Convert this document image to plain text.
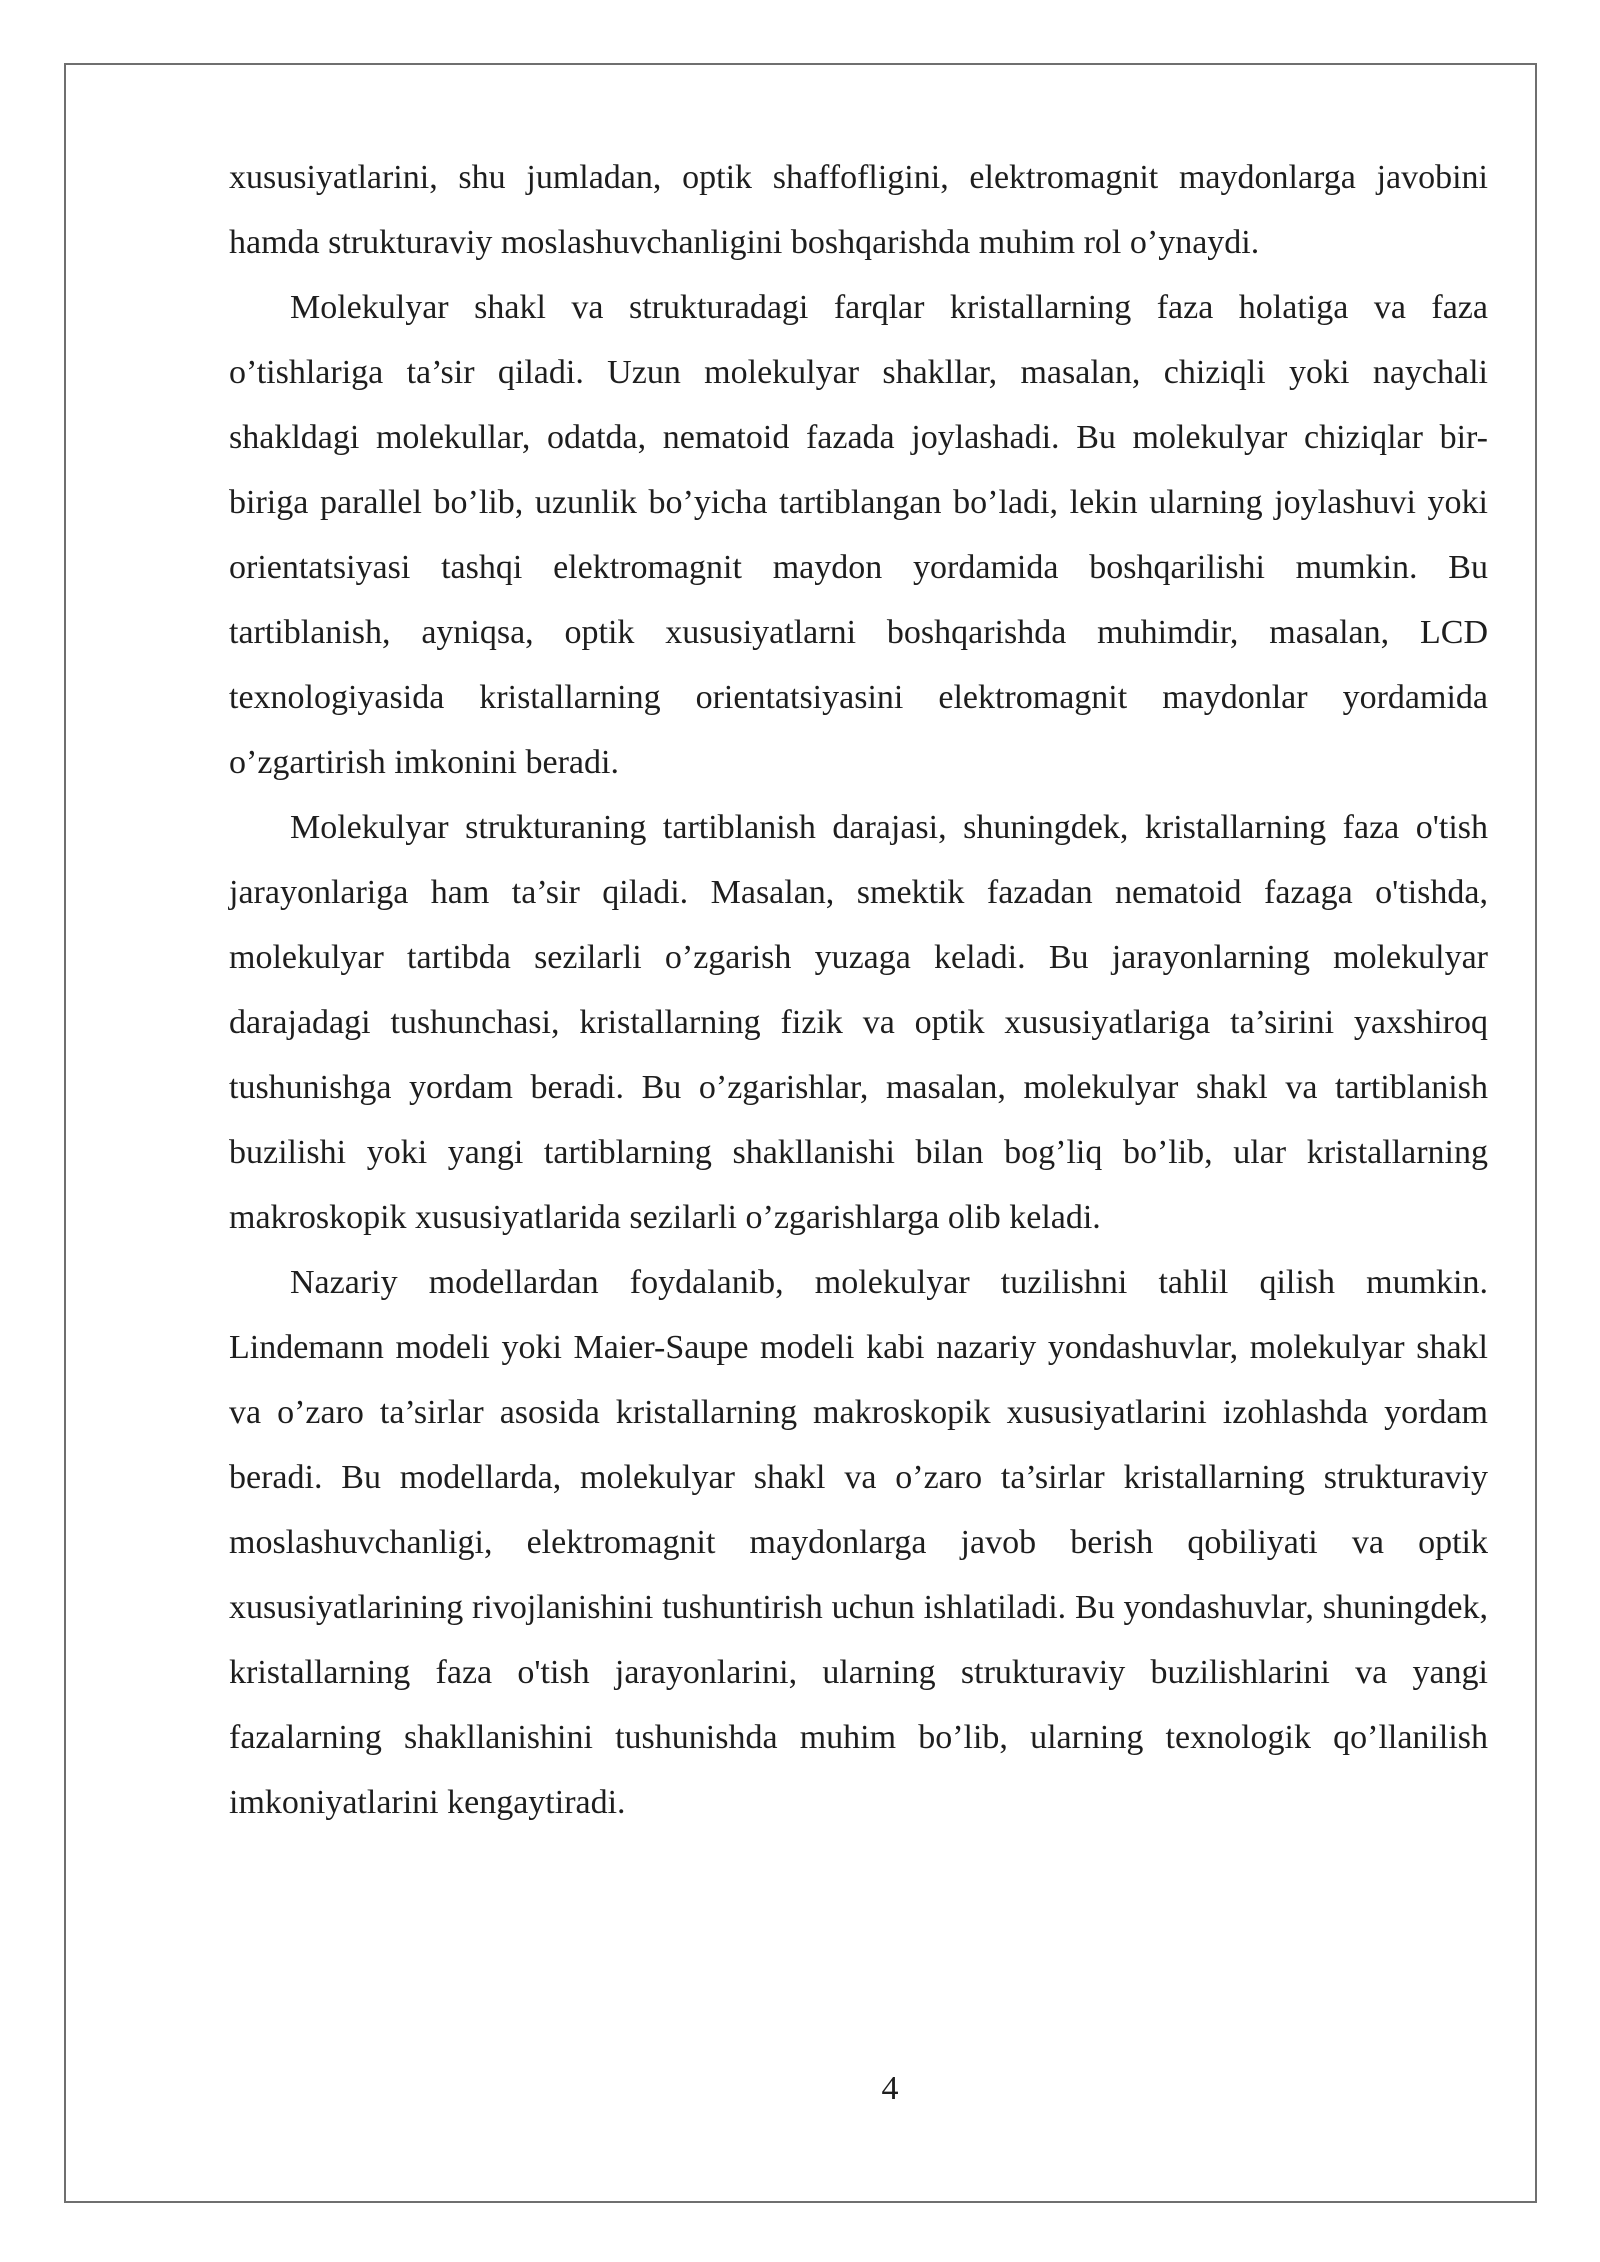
xususiyatlarini, shu jumladan, optik shaffofligini, elektromagnit maydonlarga javobini hamda strukturaviy moslashuvchanligini boshqarishda muhim rol o’ynaydi.

Molekulyar shakl va strukturadagi farqlar kristallarning faza holatiga va faza o’tishlariga ta’sir qiladi. Uzun molekulyar shakllar, masalan, chiziqli yoki naychali shakldagi molekullar, odatda, nematoid fazada joylashadi. Bu molekulyar chiziqlar bir-biriga parallel bo’lib, uzunlik bo’yicha tartiblangan bo’ladi, lekin ularning joylashuvi yoki orientatsiyasi tashqi elektromagnit maydon yordamida boshqarilishi mumkin. Bu tartiblanish, ayniqsa, optik xususiyatlarni boshqarishda muhimdir, masalan, LCD texnologiyasida kristallarning orientatsiyasini elektromagnit maydonlar yordamida o’zgartirish imkonini beradi.

Molekulyar strukturaning tartiblanish darajasi, shuningdek, kristallarning faza o'tish jarayonlariga ham ta’sir qiladi. Masalan, smektik fazadan nematoid fazaga o'tishda, molekulyar tartibda sezilarli o’zgarish yuzaga keladi. Bu jarayonlarning molekulyar darajadagi tushunchasi, kristallarning fizik va optik xususiyatlariga ta’sirini yaxshiroq tushunishga yordam beradi. Bu o’zgarishlar, masalan, molekulyar shakl va tartiblanish buzilishi yoki yangi tartiblarning shakllanishi bilan bog’liq bo’lib, ular kristallarning makroskopik xususiyatlarida sezilarli o’zgarishlarga olib keladi.

Nazariy modellardan foydalanib, molekulyar tuzilishni tahlil qilish mumkin. Lindemann modeli yoki Maier-Saupe modeli kabi nazariy yondashuvlar, molekulyar shakl va o’zaro ta’sirlar asosida kristallarning makroskopik xususiyatlarini izohlashda yordam beradi. Bu modellarda, molekulyar shakl va o’zaro ta’sirlar kristallarning strukturaviy moslashuvchanligi, elektromagnit maydonlarga javob berish qobiliyati va optik xususiyatlarining rivojlanishini tushuntirish uchun ishlatiladi. Bu yondashuvlar, shuningdek, kristallarning faza o'tish jarayonlarini, ularning strukturaviy buzilishlarini va yangi fazalarning shakllanishini tushunishda muhim bo’lib, ularning texnologik qo’llanilish imkoniyatlarini kengaytiradi.

4
